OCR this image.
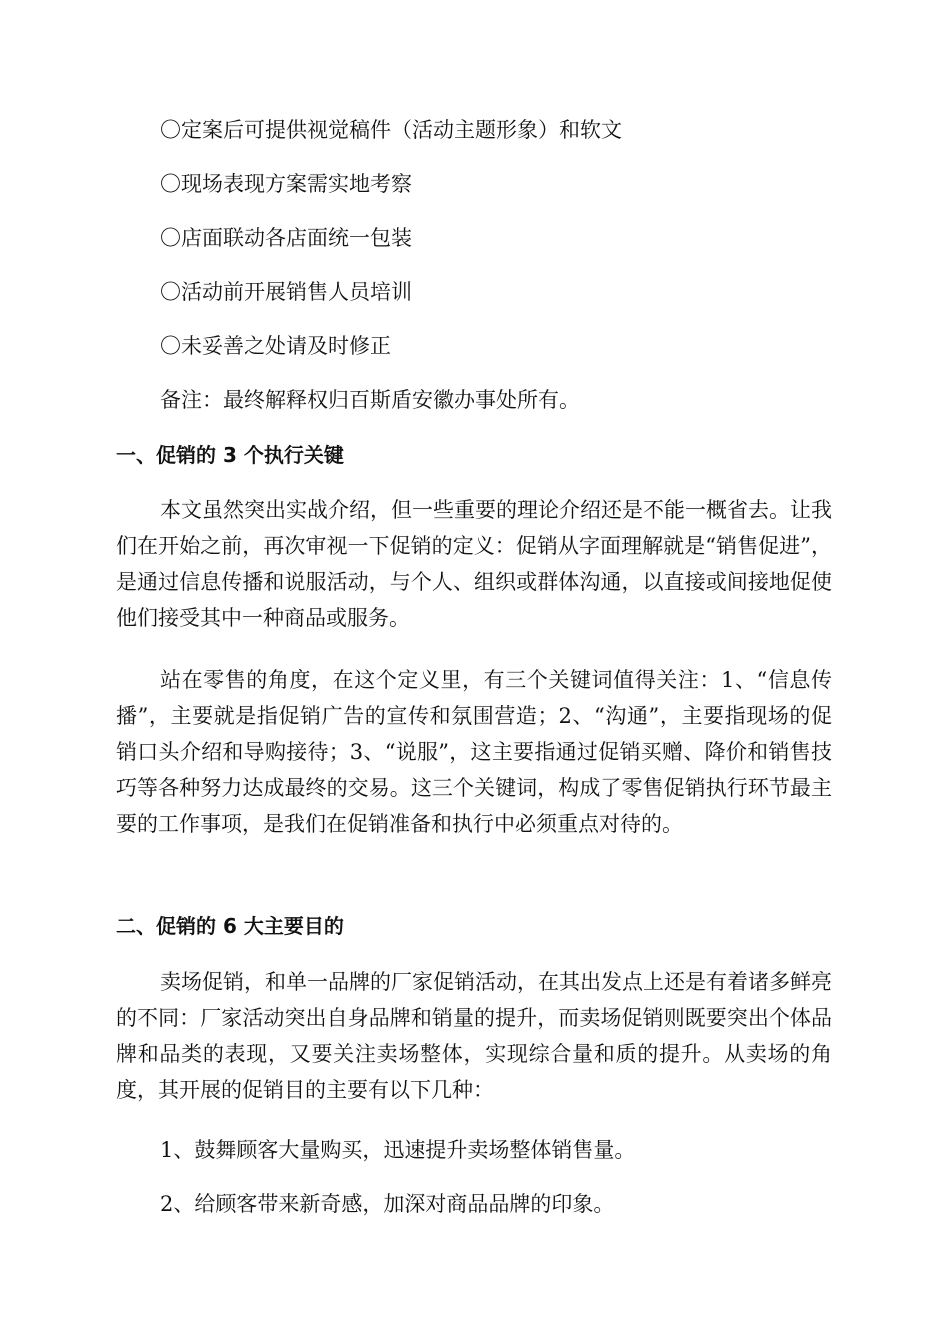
〇定案后可提供视觉稿件（活动主题形象）和软文
〇现场表现方案需实地考察
〇店面联动各店面统一包装
〇活动前开展销售人员培训
〇未妥善之处请及时修正
备注：最终解释权归百斯盾安徽办事处所有。
一、促销的 3 个执行关键
本文虽然突出实战介绍，但一些重要的理论介绍还是不能一概省去。让我们在开始之前，再次审视一下促销的定义：促销从字面理解就是“销售促进”，是通过信息传播和说服活动，与个人、组织或群体沟通，以直接或间接地促使他们接受其中一种商品或服务。
站在零售的角度，在这个定义里，有三个关键词值得关注：1、“信息传播”，主要就是指促销广告的宣传和氛围营造；2、“沟通”，主要指现场的促销口头介绍和导购接待；3、“说服”，这主要指通过促销买赠、降价和销售技巧等各种努力达成最终的交易。这三个关键词，构成了零售促销执行环节最主要的工作事项，是我们在促销准备和执行中必须重点对待的。
二、促销的 6 大主要目的
卖场促销，和单一品牌的厂家促销活动，在其出发点上还是有着诸多鲜亮的不同：厂家活动突出自身品牌和销量的提升，而卖场促销则既要突出个体品牌和品类的表现，又要关注卖场整体，实现综合量和质的提升。从卖场的角度，其开展的促销目的主要有以下几种：
1、鼓舞顾客大量购买，迅速提升卖场整体销售量。
2、给顾客带来新奇感，加深对商品品牌的印象。
